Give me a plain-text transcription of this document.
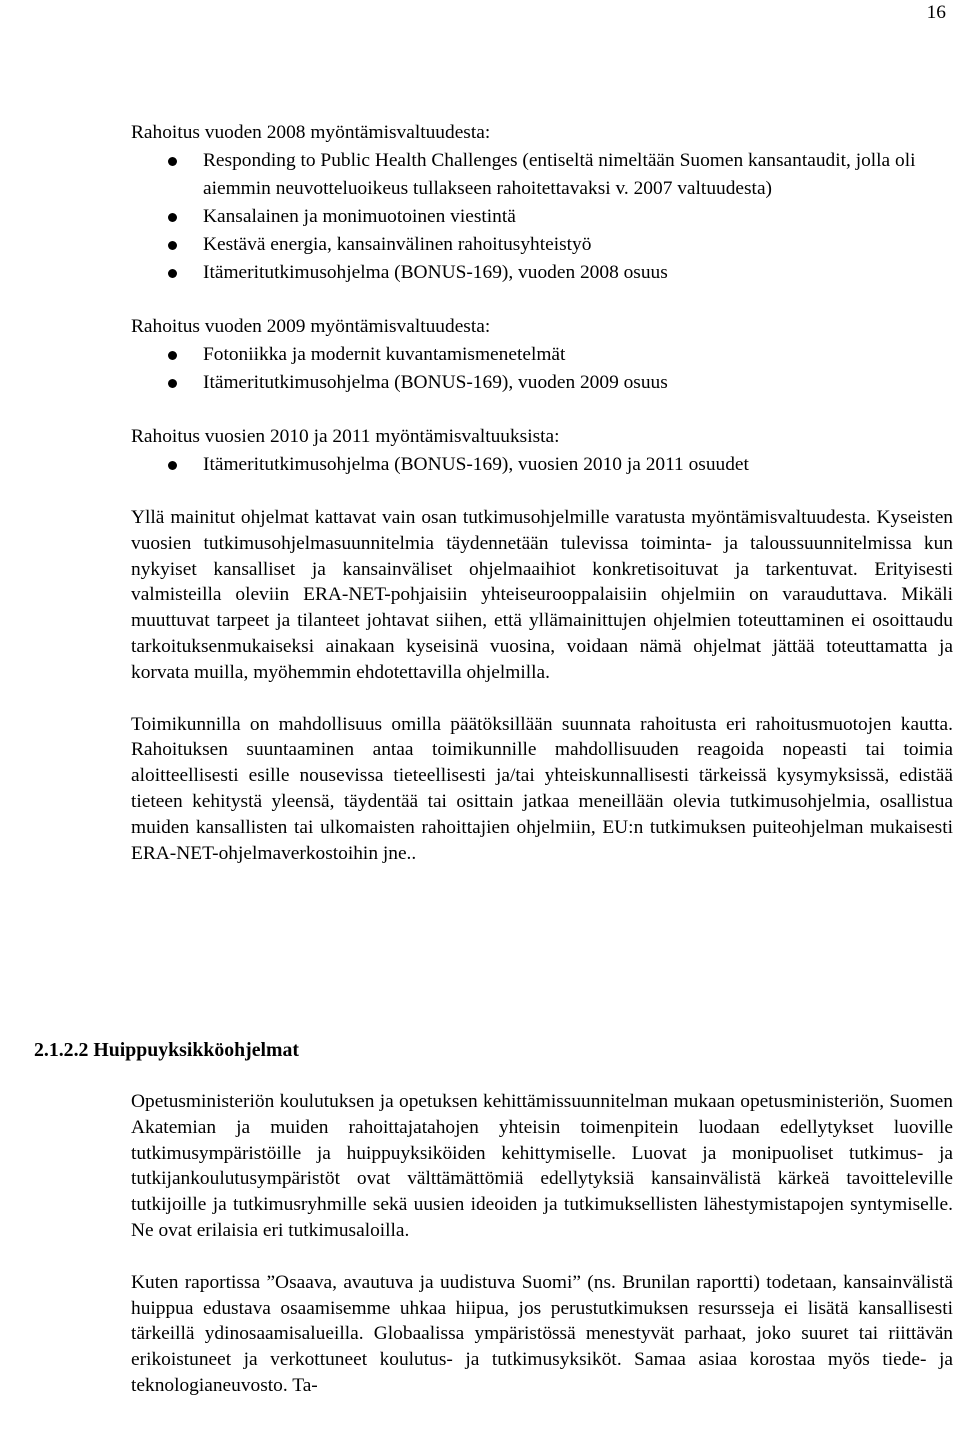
16

Rahoitus vuoden 2008 myöntämisvaltuudesta:

Responding to Public Health Challenges (entiseltä nimeltään Suomen kansantaudit, jolla oli aiemmin neuvotteluoikeus tullakseen rahoitettavaksi v. 2007 valtuudesta)
Kansalainen ja monimuotoinen viestintä
Kestävä energia, kansainvälinen rahoitusyhteistyö
Itämeritutkimusohjelma (BONUS-169), vuoden 2008 osuus

Rahoitus vuoden 2009 myöntämisvaltuudesta:

Fotoniikka ja modernit kuvantamismenetelmät
Itämeritutkimusohjelma (BONUS-169), vuoden 2009 osuus

Rahoitus vuosien 2010 ja 2011 myöntämisvaltuuksista:

Itämeritutkimusohjelma (BONUS-169), vuosien 2010 ja 2011 osuudet

Yllä mainitut ohjelmat kattavat vain osan tutkimusohjelmille varatusta myöntämisvaltuudesta. Kyseisten vuosien tutkimusohjelmasuunnitelmia täydennetään tulevissa toiminta- ja taloussuunnitelmissa kun nykyiset kansalliset ja kansainväliset ohjelmaaihiot konkretisoituvat ja tarkentuvat. Erityisesti valmisteilla oleviin ERA-NET-pohjaisiin yhteiseurooppalaisiin ohjelmiin on varauduttava. Mikäli muuttuvat tarpeet ja tilanteet johtavat siihen, että yllämainittujen ohjelmien toteuttaminen ei osoittaudu tarkoituksenmukaiseksi ainakaan kyseisinä vuosina, voidaan nämä ohjelmat jättää toteuttamatta ja korvata muilla, myöhemmin ehdotettavilla ohjelmilla.

Toimikunnilla on mahdollisuus omilla päätöksillään suunnata rahoitusta eri rahoitusmuotojen kautta. Rahoituksen suuntaaminen antaa toimikunnille mahdollisuuden reagoida nopeasti tai toimia aloitteellisesti esille nousevissa tieteellisesti ja/tai yhteiskunnallisesti tärkeissä kysymyksissä, edistää tieteen kehitystä yleensä, täydentää tai osittain jatkaa meneillään olevia tutkimusohjelmia, osallistua muiden kansallisten tai ulkomaisten rahoittajien ohjelmiin, EU:n tutkimuksen puiteohjelman mukaisesti ERA-NET-ohjelmaverkostoihin jne..

2.1.2.2 Huippuyksikköohjelmat

Opetusministeriön koulutuksen ja opetuksen kehittämissuunnitelman mukaan opetusministeriön, Suomen Akatemian ja muiden rahoittajatahojen yhteisin toimenpitein luodaan edellytykset luoville tutkimusympäristöille ja huippuyksiköiden kehittymiselle. Luovat ja monipuoliset tutkimus- ja tutkijankoulutusympäristöt ovat välttämättömiä edellytyksiä kansainvälistä kärkeä tavoitteleville tutkijoille ja tutkimusryhmille sekä uusien ideoiden ja tutkimuksellisten lähestymistapojen syntymiselle. Ne ovat erilaisia eri tutkimusaloilla.

Kuten raportissa ”Osaava, avautuva ja uudistuva Suomi” (ns. Brunilan raportti) todetaan, kansainvälistä huippua edustava osaamisemme uhkaa hiipua, jos perustutkimuksen resursseja ei lisätä kansallisesti tärkeillä ydinosaamisalueilla. Globaalissa ympäristössä menestyvät parhaat, joko suuret tai riittävän erikoistuneet ja verkottuneet koulutus- ja tutkimusyksiköt. Samaa asiaa korostaa myös tiede- ja teknologianeuvosto. Ta-
